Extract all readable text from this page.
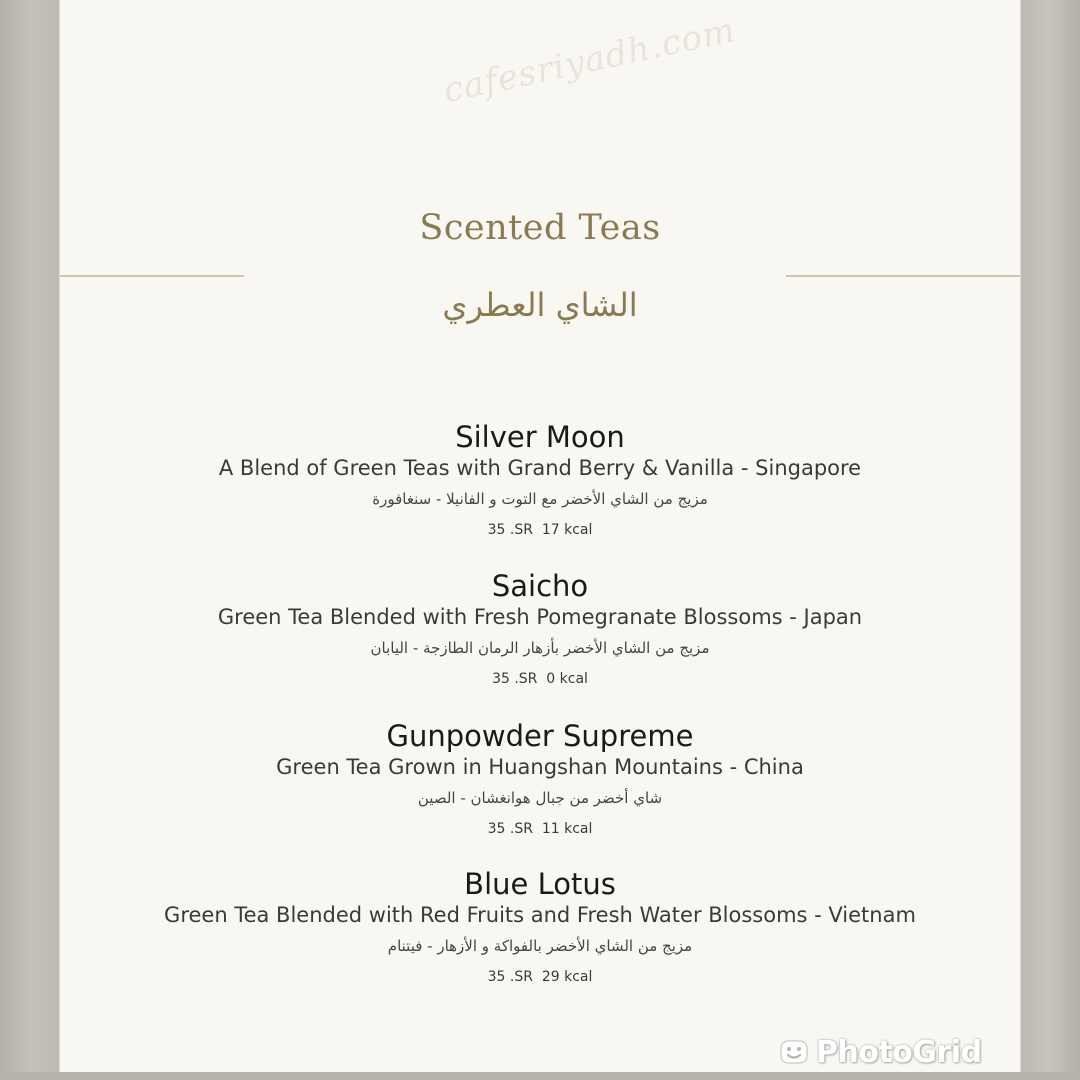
cafesriyadh.com
Scented Teas
الشاي العطري
Silver Moon
A Blend of Green Teas with Grand Berry & Vanilla - Singapore
مزيج من الشاي الأخضر مع التوت و الفانيلا - سنغافورة
35 .SR  17 kcal
Saicho
Green Tea Blended with Fresh Pomegranate Blossoms - Japan
مزيج من الشاي الأخضر بأزهار الرمان الطازجة - اليابان
35 .SR  0 kcal
Gunpowder Supreme
Green Tea Grown in Huangshan Mountains - China
شاي أخضر من جبال هوانغشان - الصين
35 .SR  11 kcal
Blue Lotus
Green Tea Blended with Red Fruits and Fresh Water Blossoms - Vietnam
مزيج من الشاي الأخضر بالفواكة و الأزهار - فيتنام
35 .SR  29 kcal
PhotoGrid
